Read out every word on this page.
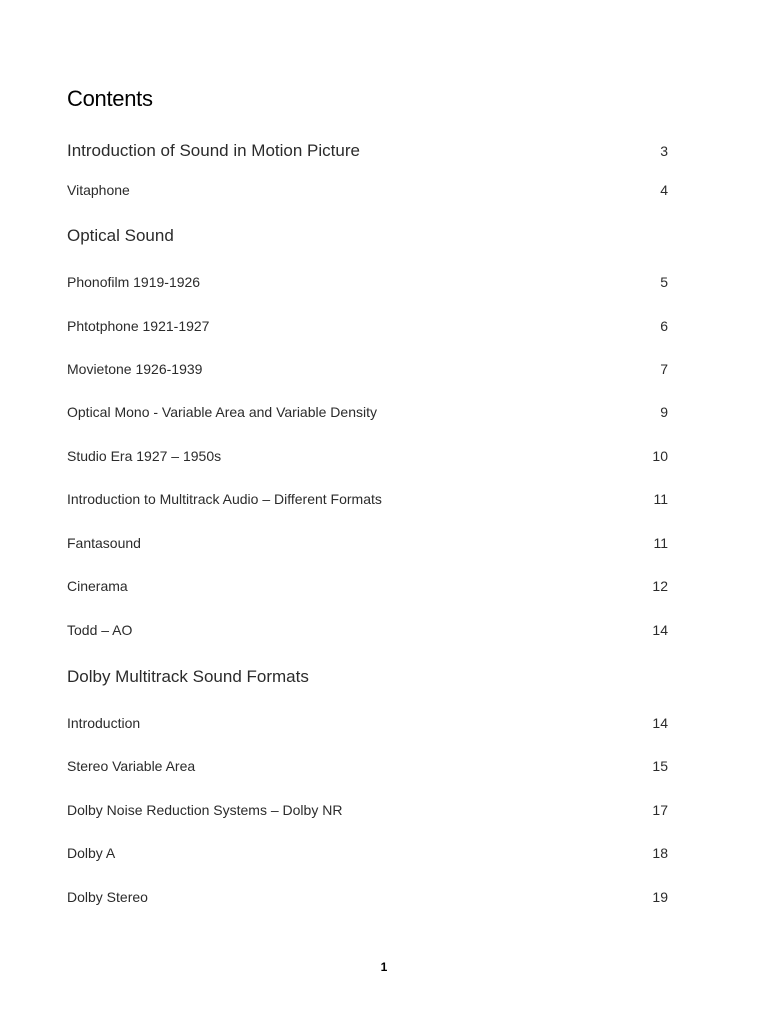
Contents
Introduction of Sound in Motion Picture	3
Vitaphone	4
Optical Sound
Phonofilm 1919-1926	5
Phtotphone 1921-1927	6
Movietone 1926-1939	7
Optical Mono - Variable Area and Variable Density	9
Studio Era 1927 – 1950s	10
Introduction to Multitrack Audio – Different Formats	11
Fantasound	11
Cinerama	12
Todd – AO	14
Dolby Multitrack Sound Formats
Introduction	14
Stereo Variable Area	15
Dolby Noise Reduction Systems – Dolby NR	17
Dolby A	18
Dolby Stereo	19
1
